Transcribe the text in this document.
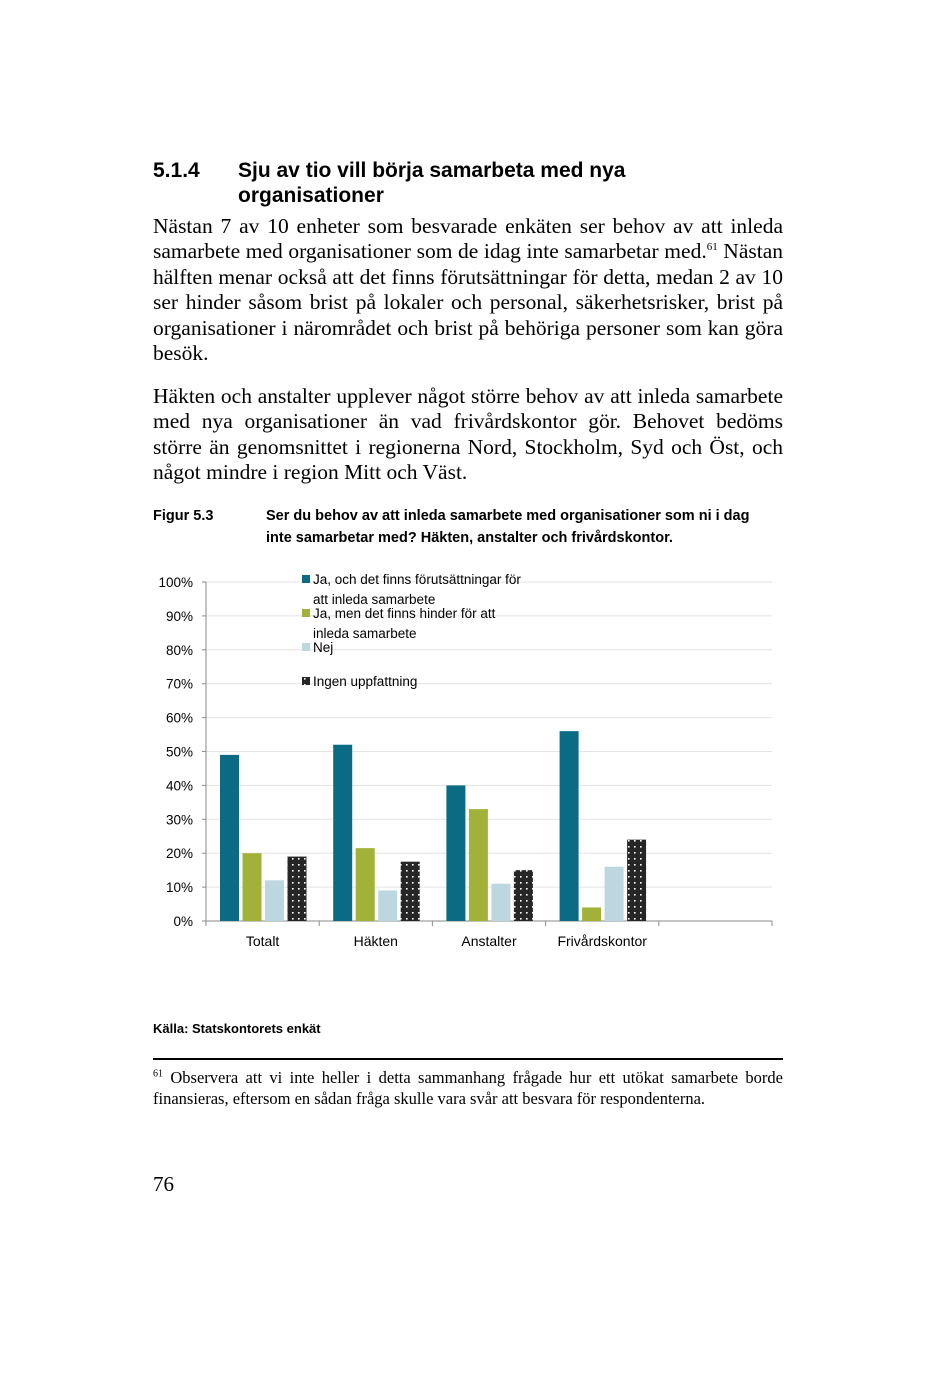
5.1.4 Sju av tio vill börja samarbeta med nya organisationer

Nästan 7 av 10 enheter som besvarade enkäten ser behov av att inleda samarbete med organisationer som de idag inte samarbetar med.$^{61}$ Nästan hälften menar också att det finns förutsättningar för detta, medan 2 av 10 ser hinder såsom brist på lokaler och personal, säkerhetsrisker, brist på organisationer i närområdet och brist på behöriga personer som kan göra besök.

Häkten och anstalter upplever något större behov av att inleda samarbete med nya organisationer än vad frivårdskontor gör. Behovet bedöms större än genomsnittet i regionerna Nord, Stockholm, Syd och Öst, och något mindre i region Mitt och Väst.

Figur 5.3	Ser du behov av att inleda samarbete med organisationer som ni i dag inte samarbetar med? Häkten, anstalter och frivårdskontor.
0%
10%
20%
30%
40%
50%
60%
70%
80%
90%
100%
Totalt	Häkten	Anstalter	Frivårdskontor
Ja, och det finns förutsättningar för
att inleda samarbete
Ja, men det finns hinder för att
inleda samarbete
Nej
Ingen uppfattning
Källa: Statskontorets enkät

$^{61}$ Observera att vi inte heller i detta sammanhang frågade hur ett utökat samarbete borde finansieras, eftersom en sådan fråga skulle vara svår att besvara för respondenterna.

76
